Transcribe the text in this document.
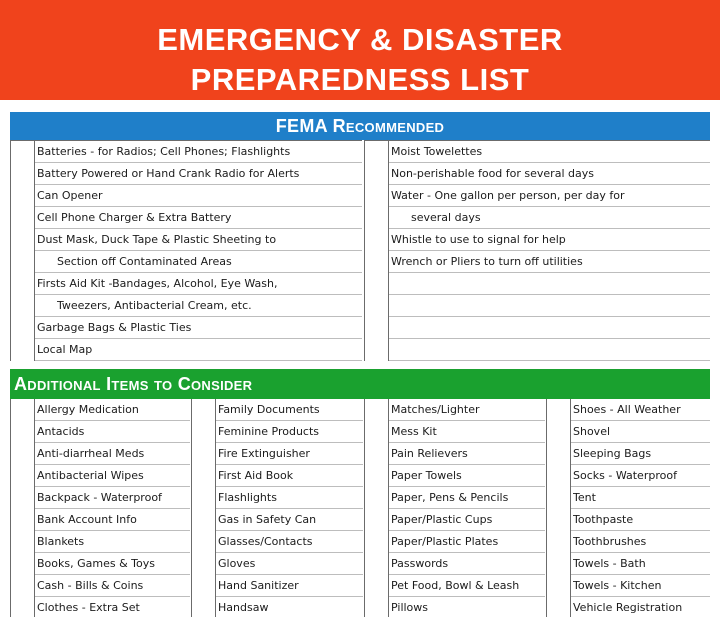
EMERGENCY & DISASTER
PREPAREDNESS LIST
FEMA Recommended
Batteries - for Radios; Cell Phones; Flashlights
Battery Powered or Hand Crank Radio for Alerts
Can Opener
Cell Phone Charger & Extra Battery
Dust Mask, Duck Tape & Plastic Sheeting to
Section off Contaminated Areas
Firsts Aid Kit -Bandages, Alcohol, Eye Wash,
Tweezers, Antibacterial Cream, etc.
Garbage Bags & Plastic Ties
Local Map
Moist Towelettes
Non-perishable food for several days
Water - One gallon per person, per day for
several days
Whistle to use to signal for help
Wrench or Pliers to turn off utilities
Additional Items to Consider
Allergy Medication
Antacids
Anti-diarrheal Meds
Antibacterial Wipes
Backpack - Waterproof
Bank Account Info
Blankets
Books, Games & Toys
Cash - Bills & Coins
Clothes - Extra Set
Family Documents
Feminine Products
Fire Extinguisher
First Aid Book
Flashlights
Gas in Safety Can
Glasses/Contacts
Gloves
Hand Sanitizer
Handsaw
Matches/Lighter
Mess Kit
Pain Relievers
Paper Towels
Paper, Pens & Pencils
Paper/Plastic Cups
Paper/Plastic Plates
Passwords
Pet Food, Bowl & Leash
Pillows
Shoes - All Weather
Shovel
Sleeping Bags
Socks - Waterproof
Tent
Toothpaste
Toothbrushes
Towels - Bath
Towels - Kitchen
Vehicle Registration
